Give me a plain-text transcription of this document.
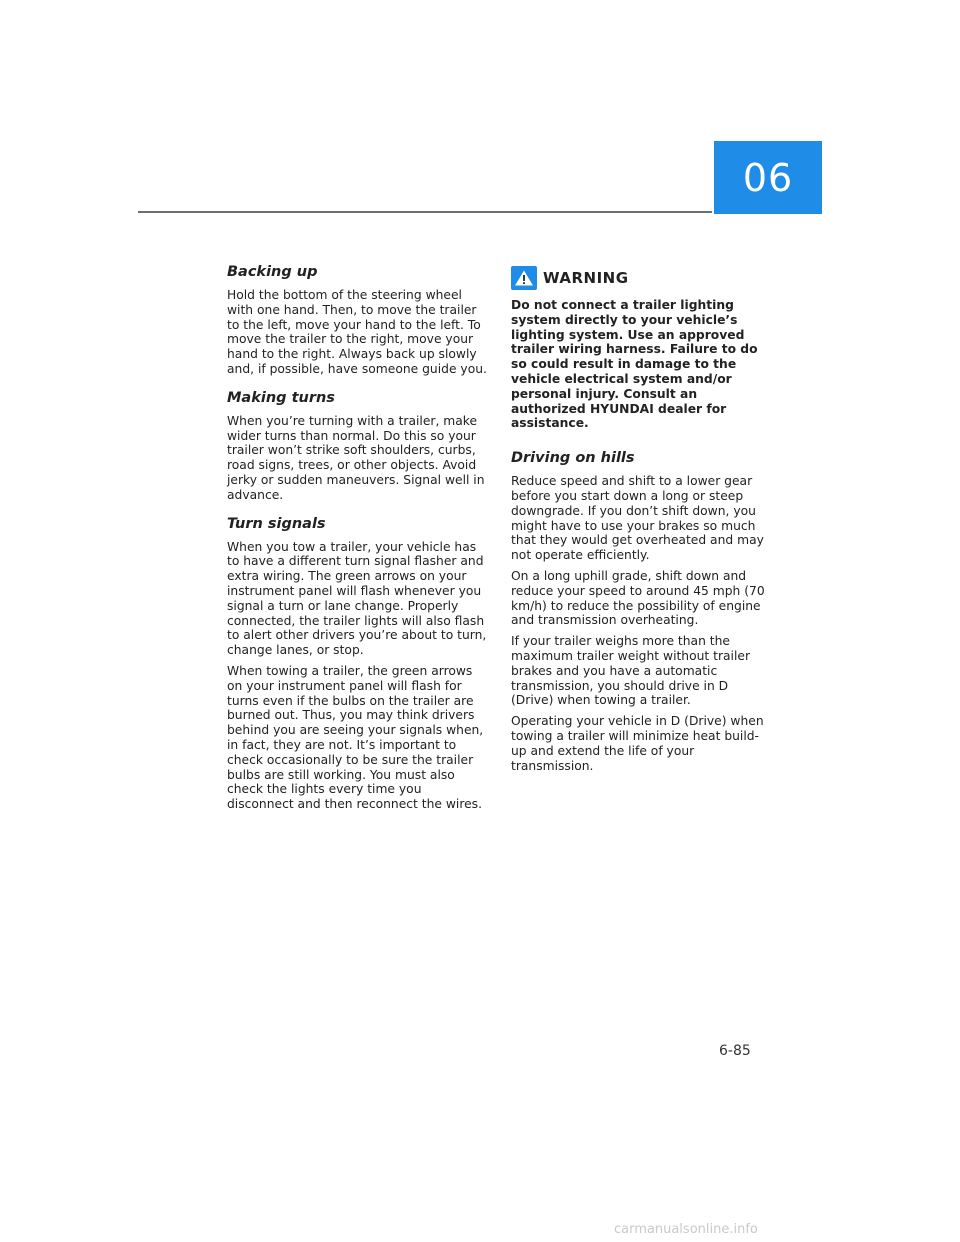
06
Backing up

Hold the bottom of the steering wheel with one hand. Then, to move the trailer to the left, move your hand to the left. To move the trailer to the right, move your hand to the right. Always back up slowly and, if possible, have someone guide you.

Making turns

When you’re turning with a trailer, make wider turns than normal. Do this so your trailer won’t strike soft shoulders, curbs, road signs, trees, or other objects. Avoid jerky or sudden maneuvers. Signal well in advance.

Turn signals

When you tow a trailer, your vehicle has to have a different turn signal flasher and extra wiring. The green arrows on your instrument panel will flash whenever you signal a turn or lane change. Properly connected, the trailer lights will also flash to alert other drivers you’re about to turn, change lanes, or stop.

When towing a trailer, the green arrows on your instrument panel will flash for turns even if the bulbs on the trailer are burned out. Thus, you may think drivers behind you are seeing your signals when, in fact, they are not. It’s important to check occasionally to be sure the trailer bulbs are still working. You must also check the lights every time you disconnect and then reconnect the wires.

WARNING

Do not connect a trailer lighting system directly to your vehicle’s lighting system. Use an approved trailer wiring harness. Failure to do so could result in damage to the vehicle electrical system and/or personal injury. Consult an authorized HYUNDAI dealer for assistance.

Driving on hills

Reduce speed and shift to a lower gear before you start down a long or steep downgrade. If you don’t shift down, you might have to use your brakes so much that they would get overheated and may not operate efficiently.

On a long uphill grade, shift down and reduce your speed to around 45 mph (70 km/h) to reduce the possibility of engine and transmission overheating.

If your trailer weighs more than the maximum trailer weight without trailer brakes and you have a automatic transmission, you should drive in D (Drive) when towing a trailer.

Operating your vehicle in D (Drive) when towing a trailer will minimize heat build-up and extend the life of your transmission.

6-85
carmanualsonline.info
